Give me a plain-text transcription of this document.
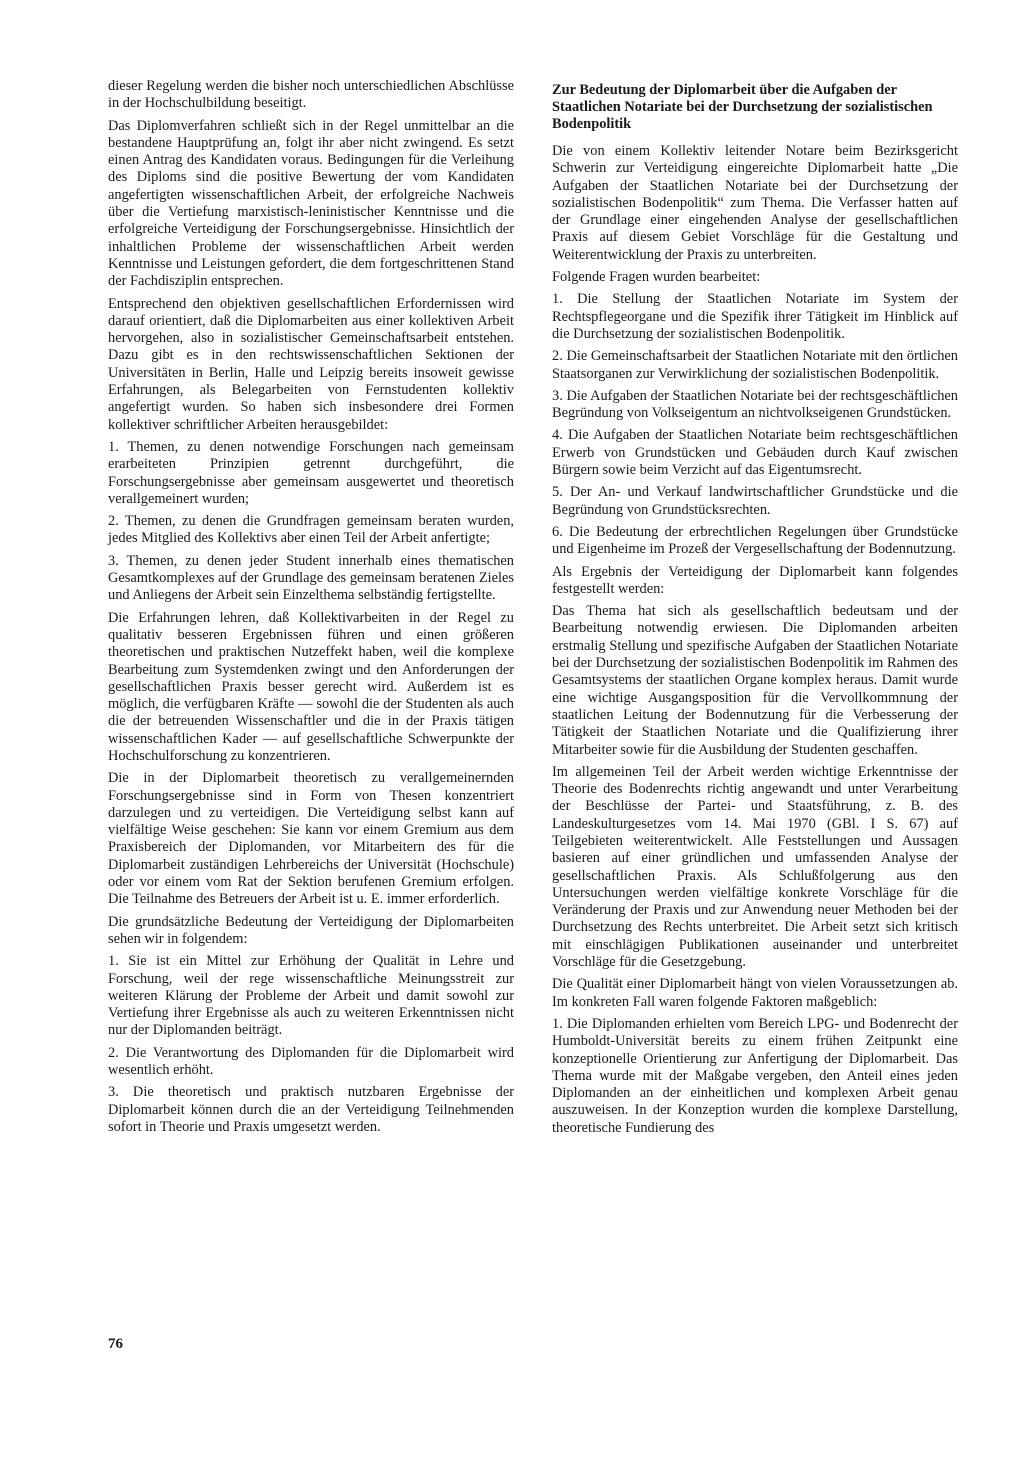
dieser Regelung werden die bisher noch unterschiedlichen Abschlüsse in der Hochschulbildung beseitigt.

Das Diplomverfahren schließt sich in der Regel unmittelbar an die bestandene Hauptprüfung an, folgt ihr aber nicht zwingend. Es setzt einen Antrag des Kandidaten voraus. Bedingungen für die Verleihung des Diploms sind die positive Bewertung der vom Kandidaten angefertigten wissenschaftlichen Arbeit, der erfolgreiche Nachweis über die Vertiefung marxistisch-leninistischer Kenntnisse und die erfolgreiche Verteidigung der Forschungsergebnisse. Hinsichtlich der inhaltlichen Probleme der wissenschaftlichen Arbeit werden Kenntnisse und Leistungen gefordert, die dem fortgeschrittenen Stand der Fachdisziplin entsprechen.

Entsprechend den objektiven gesellschaftlichen Erfordernissen wird darauf orientiert, daß die Diplomarbeiten aus einer kollektiven Arbeit hervorgehen, also in sozialistischer Gemeinschaftsarbeit entstehen. Dazu gibt es in den rechtswissenschaftlichen Sektionen der Universitäten in Berlin, Halle und Leipzig bereits insoweit gewisse Erfahrungen, als Belegarbeiten von Fernstudenten kollektiv angefertigt wurden. So haben sich insbesondere drei Formen kollektiver schriftlicher Arbeiten herausgebildet:

1. Themen, zu denen notwendige Forschungen nach gemeinsam erarbeiteten Prinzipien getrennt durchgeführt, die Forschungsergebnisse aber gemeinsam ausgewertet und theoretisch verallgemeinert wurden;

2. Themen, zu denen die Grundfragen gemeinsam beraten wurden, jedes Mitglied des Kollektivs aber einen Teil der Arbeit anfertigte;

3. Themen, zu denen jeder Student innerhalb eines thematischen Gesamtkomplexes auf der Grundlage des gemeinsam beratenen Zieles und Anliegens der Arbeit sein Einzelthema selbständig fertigstellte.

Die Erfahrungen lehren, daß Kollektivarbeiten in der Regel zu qualitativ besseren Ergebnissen führen und einen größeren theoretischen und praktischen Nutzeffekt haben, weil die komplexe Bearbeitung zum Systemdenken zwingt und den Anforderungen der gesellschaftlichen Praxis besser gerecht wird. Außerdem ist es möglich, die verfügbaren Kräfte — sowohl die der Studenten als auch die der betreuenden Wissenschaftler und die in der Praxis tätigen wissenschaftlichen Kader — auf gesellschaftliche Schwerpunkte der Hochschulforschung zu konzentrieren.

Die in der Diplomarbeit theoretisch zu verallgemeinernden Forschungsergebnisse sind in Form von Thesen konzentriert darzulegen und zu verteidigen. Die Verteidigung selbst kann auf vielfältige Weise geschehen: Sie kann vor einem Gremium aus dem Praxisbereich der Diplomanden, vor Mitarbeitern des für die Diplomarbeit zuständigen Lehrbereichs der Universität (Hochschule) oder vor einem vom Rat der Sektion berufenen Gremium erfolgen. Die Teilnahme des Betreuers der Arbeit ist u. E. immer erforderlich.

Die grundsätzliche Bedeutung der Verteidigung der Diplomarbeiten sehen wir in folgendem:

1. Sie ist ein Mittel zur Erhöhung der Qualität in Lehre und Forschung, weil der rege wissenschaftliche Meinungsstreit zur weiteren Klärung der Probleme der Arbeit und damit sowohl zur Vertiefung ihrer Ergebnisse als auch zu weiteren Erkenntnissen nicht nur der Diplomanden beiträgt.

2. Die Verantwortung des Diplomanden für die Diplomarbeit wird wesentlich erhöht.

3. Die theoretisch und praktisch nutzbaren Ergebnisse der Diplomarbeit können durch die an der Verteidigung Teilnehmenden sofort in Theorie und Praxis umgesetzt werden.

Zur Bedeutung der Diplomarbeit über die Aufgaben der Staatlichen Notariate bei der Durchsetzung der sozialistischen Bodenpolitik

Die von einem Kollektiv leitender Notare beim Bezirksgericht Schwerin zur Verteidigung eingereichte Diplomarbeit hatte „Die Aufgaben der Staatlichen Notariate bei der Durchsetzung der sozialistischen Bodenpolitik“ zum Thema. Die Verfasser hatten auf der Grundlage einer eingehenden Analyse der gesellschaftlichen Praxis auf diesem Gebiet Vorschläge für die Gestaltung und Weiterentwicklung der Praxis zu unterbreiten.

Folgende Fragen wurden bearbeitet:

1. Die Stellung der Staatlichen Notariate im System der Rechtspflegeorgane und die Spezifik ihrer Tätigkeit im Hinblick auf die Durchsetzung der sozialistischen Bodenpolitik.

2. Die Gemeinschaftsarbeit der Staatlichen Notariate mit den örtlichen Staatsorganen zur Verwirklichung der sozialistischen Bodenpolitik.

3. Die Aufgaben der Staatlichen Notariate bei der rechtsgeschäftlichen Begründung von Volkseigentum an nichtvolkseigenen Grundstücken.

4. Die Aufgaben der Staatlichen Notariate beim rechtsgeschäftlichen Erwerb von Grundstücken und Gebäuden durch Kauf zwischen Bürgern sowie beim Verzicht auf das Eigentumsrecht.

5. Der An- und Verkauf landwirtschaftlicher Grundstücke und die Begründung von Grundstücksrechten.

6. Die Bedeutung der erbrechtlichen Regelungen über Grundstücke und Eigenheime im Prozeß der Vergesellschaftung der Bodennutzung.

Als Ergebnis der Verteidigung der Diplomarbeit kann folgendes festgestellt werden:

Das Thema hat sich als gesellschaftlich bedeutsam und der Bearbeitung notwendig erwiesen. Die Diplomanden arbeiten erstmalig Stellung und spezifische Aufgaben der Staatlichen Notariate bei der Durchsetzung der sozialistischen Bodenpolitik im Rahmen des Gesamtsystems der staatlichen Organe komplex heraus. Damit wurde eine wichtige Ausgangsposition für die Vervollkommnung der staatlichen Leitung der Bodennutzung für die Verbesserung der Tätigkeit der Staatlichen Notariate und die Qualifizierung ihrer Mitarbeiter sowie für die Ausbildung der Studenten geschaffen.

Im allgemeinen Teil der Arbeit werden wichtige Erkenntnisse der Theorie des Bodenrechts richtig angewandt und unter Verarbeitung der Beschlüsse der Partei- und Staatsführung, z. B. des Landeskulturgesetzes vom 14. Mai 1970 (GBl. I S. 67) auf Teilgebieten weiterentwickelt. Alle Feststellungen und Aussagen basieren auf einer gründlichen und umfassenden Analyse der gesellschaftlichen Praxis. Als Schlußfolgerung aus den Untersuchungen werden vielfältige konkrete Vorschläge für die Veränderung der Praxis und zur Anwendung neuer Methoden bei der Durchsetzung des Rechts unterbreitet. Die Arbeit setzt sich kritisch mit einschlägigen Publikationen auseinander und unterbreitet Vorschläge für die Gesetzgebung.

Die Qualität einer Diplomarbeit hängt von vielen Voraussetzungen ab. Im konkreten Fall waren folgende Faktoren maßgeblich:

1. Die Diplomanden erhielten vom Bereich LPG- und Bodenrecht der Humboldt-Universität bereits zu einem frühen Zeitpunkt eine konzeptionelle Orientierung zur Anfertigung der Diplomarbeit. Das Thema wurde mit der Maßgabe vergeben, den Anteil eines jeden Diplomanden an der einheitlichen und komplexen Arbeit genau auszuweisen. In der Konzeption wurden die komplexe Darstellung, theoretische Fundierung des

76
